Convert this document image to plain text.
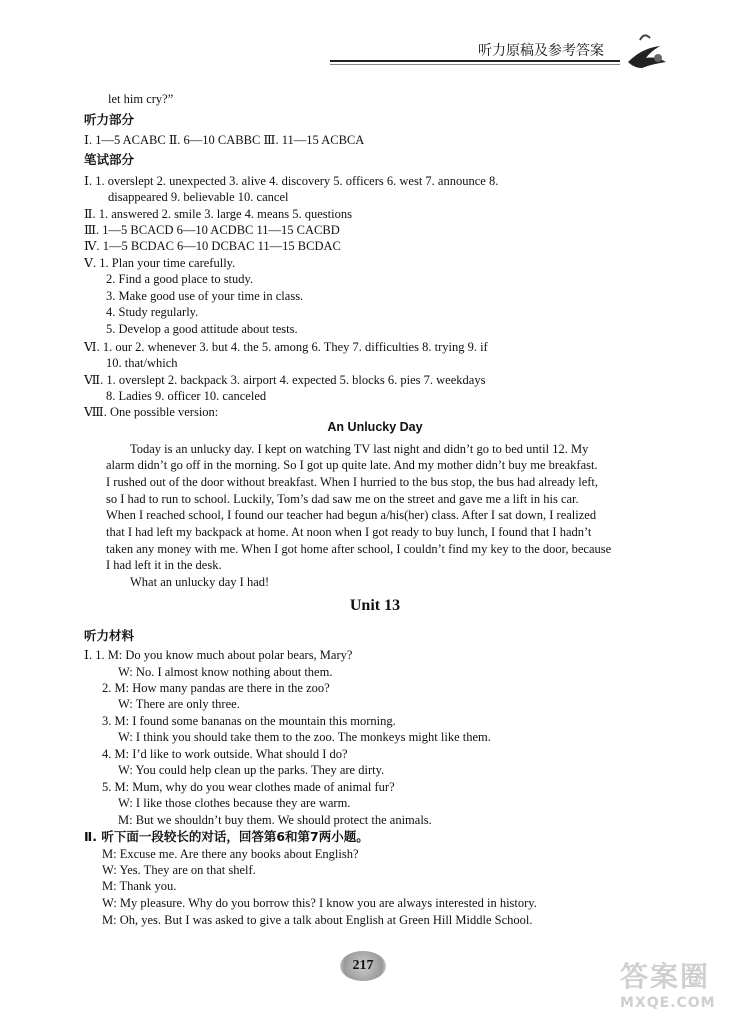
听力原稿及参考答案
let him cry?”
听力部分
Ⅰ. 1—5 ACABC Ⅱ. 6—10 CABBC Ⅲ. 11—15 ACBCA
笔试部分
Ⅰ. 1. overslept 2. unexpected 3. alive 4. discovery 5. officers 6. west 7. announce 8.
disappeared 9. believable 10. cancel
Ⅱ. 1. answered 2. smile 3. large 4. means 5. questions
Ⅲ. 1—5 BCACD 6—10 ACDBC 11—15 CACBD
Ⅳ. 1—5 BCDAC 6—10 DCBAC 11—15 BCDAC
Ⅴ. 1. Plan your time carefully.
2. Find a good place to study.
3. Make good use of your time in class.
4. Study regularly.
5. Develop a good attitude about tests.
Ⅵ. 1. our 2. whenever 3. but 4. the 5. among 6. They 7. difficulties 8. trying 9. if
10. that/which
Ⅶ. 1. overslept 2. backpack 3. airport 4. expected 5. blocks 6. pies 7. weekdays
8. Ladies 9. officer 10. canceled
Ⅷ. One possible version:
Today is an unlucky day. I kept on watching TV last night and didn’t go to bed until 12. My
alarm didn’t go off in the morning. So I got up quite late. And my mother didn’t buy me breakfast.
I rushed out of the door without breakfast. When I hurried to the bus stop, the bus had already left,
so I had to run to school. Luckily, Tom’s dad saw me on the street and gave me a lift in his car.
When I reached school, I found our teacher had begun a/his(her) class. After I sat down, I realized
that I had left my backpack at home. At noon when I got ready to buy lunch, I found that I hadn’t
taken any money with me. When I got home after school, I couldn’t find my key to the door, because
I had left it in the desk.
What an unlucky day I had!
听力材料
Ⅰ. 1. M: Do you know much about polar bears, Mary?
W: No. I almost know nothing about them.
2. M: How many pandas are there in the zoo?
W: There are only three.
3. M: I found some bananas on the mountain this morning.
W: I think you should take them to the zoo. The monkeys might like them.
4. M: I’d like to work outside. What should I do?
W: You could help clean up the parks. They are dirty.
5. M: Mum, why do you wear clothes made of animal fur?
W: I like those clothes because they are warm.
M: But we shouldn’t buy them. We should protect the animals.
Ⅱ. 听下面一段较长的对话，回答第6和第7两小题。
M: Excuse me. Are there any books about English?
W: Yes. They are on that shelf.
M: Thank you.
W: My pleasure. Why do you borrow this? I know you are always interested in history.
M: Oh, yes. But I was asked to give a talk about English at Green Hill Middle School.
An Unlucky Day
Unit 13
217	答案圈
MXQE.COM
